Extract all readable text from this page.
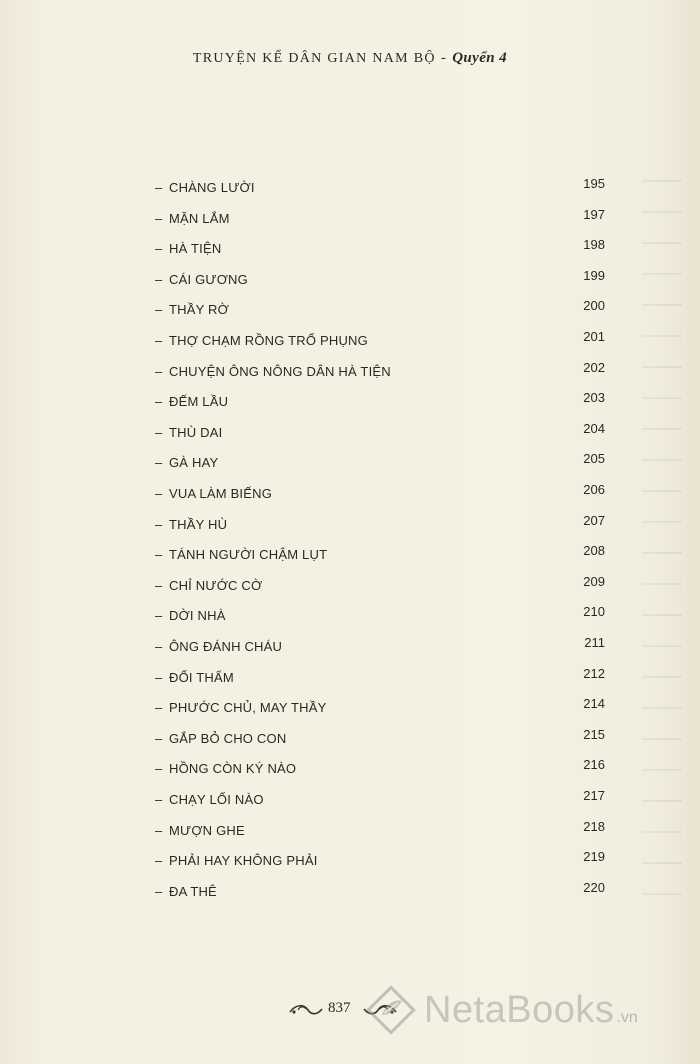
TRUYỆN KỂ DÂN GIAN NAM BỘ - Quyển 4
– CHÀNG LƯỜI	195
– MẶN LẮM	197
– HÀ TIỆN	198
– CÁI GƯƠNG	199
– THẦY RỜ	200
– THỢ CHẠM RỒNG TRỔ PHỤNG	201
– CHUYỆN ÔNG NÔNG DÂN HÀ TIỆN	202
– ĐẾM LẦU	203
– THÙ DAI	204
– GÀ HAY	205
– VUA LÀM BIẾNG	206
– THẦY HÙ	207
– TÁNH NGƯỜI CHẬM LỤT	208
– CHỈ NƯỚC CỜ	209
– DỜI NHÀ	210
– ÔNG ĐÁNH CHÁU	211
– ĐỔI THẨM	212
– PHƯỚC CHỦ, MAY THẦY	214
– GẮP BỎ CHO CON	215
– HỒNG CÒN KÝ NÀO	216
– CHẠY LỐI NÀO	217
– MƯỢN GHE	218
– PHẢI HAY KHÔNG PHẢI	219
– ĐA THÊ	220
837 NetaBooks .vn
